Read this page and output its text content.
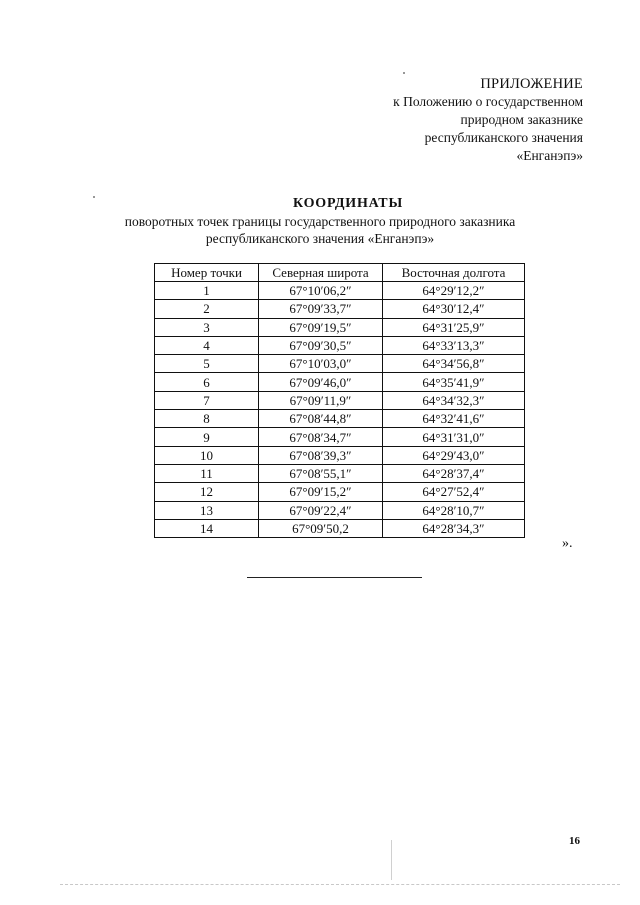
ПРИЛОЖЕНИЕ
к Положению о государственном
природном заказнике
республиканского значения
«Енганэпэ»
КООРДИНАТЫ
поворотных точек границы государственного природного заказника
республиканского значения «Енганэпэ»
Номер точки	Северная широта	Восточная долгота
1	67°10′06,2″	64°29′12,2″
2	67°09′33,7″	64°30′12,4″
3	67°09′19,5″	64°31′25,9″
4	67°09′30,5″	64°33′13,3″
5	67°10′03,0″	64°34′56,8″
6	67°09′46,0″	64°35′41,9″
7	67°09′11,9″	64°34′32,3″
8	67°08′44,8″	64°32′41,6″
9	67°08′34,7″	64°31′31,0″
10	67°08′39,3″	64°29′43,0″
11	67°08′55,1″	64°28′37,4″
12	67°09′15,2″	64°27′52,4″
13	67°09′22,4″	64°28′10,7″
14	67°09′50,2	64°28′34,3″
».
16
